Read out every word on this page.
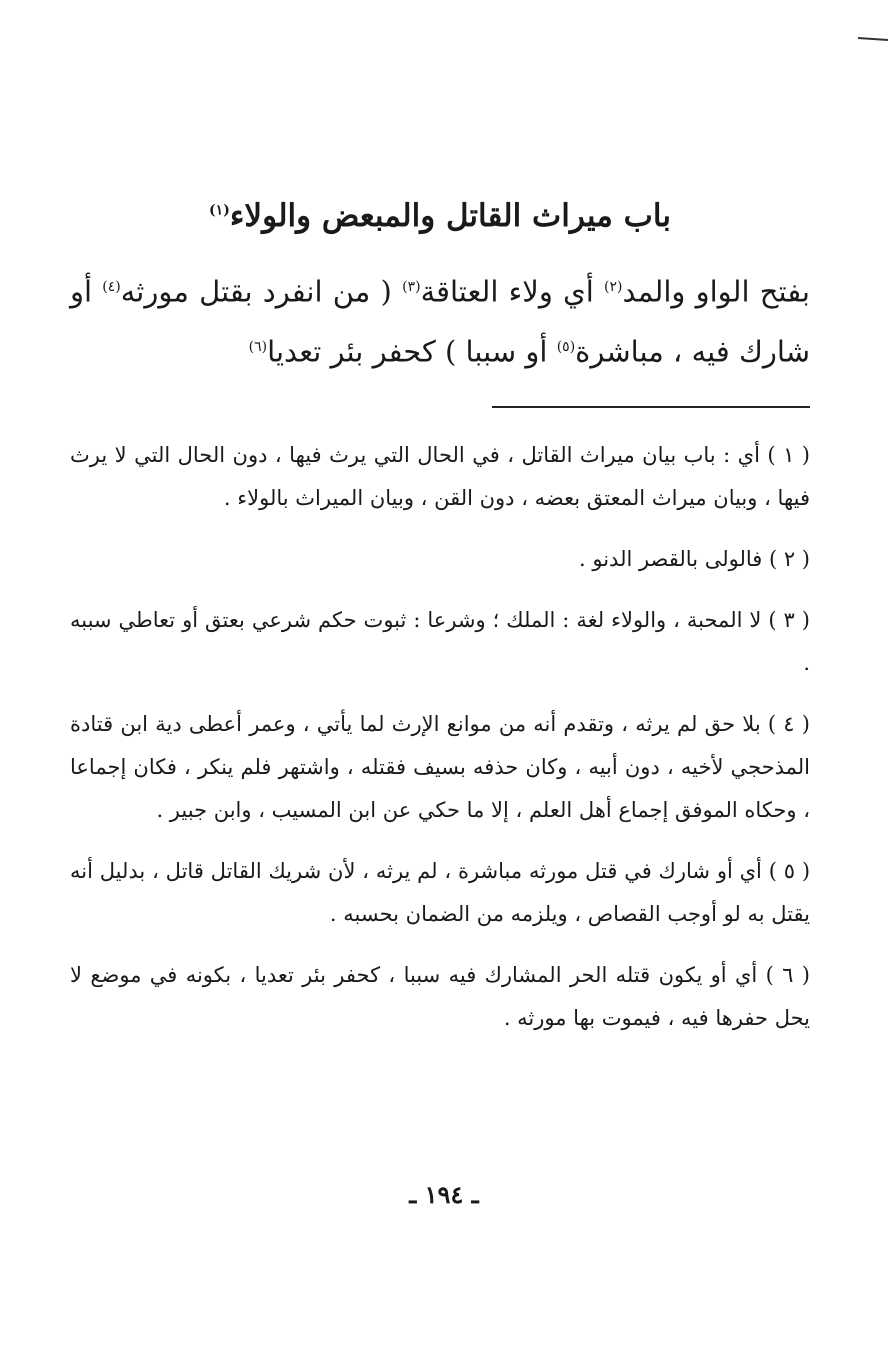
باب ميراث القاتل والمبعض والولاء$^{(١)}$

بفتح الواو والمد$^{(٢)}$ أي ولاء العتاقة$^{(٣)}$ ( من انفرد بقتل مورثه$^{(٤)}$ أو شارك فيه ، مباشرة$^{(٥)}$ أو سببا ) كحفر بئر تعديا$^{(٦)}$

( ١ ) أي : باب بيان ميراث القاتل ، في الحال التي يرث فيها ، دون الحال التي لا يرث فيها ، وبيان ميراث المعتق بعضه ، دون القن ، وبيان الميراث بالولاء .

( ٢ ) فالولى بالقصر الدنو .

( ٣ ) لا المحبة ، والولاء لغة : الملك ؛ وشرعا : ثبوت حكم شرعي بعتق أو تعاطي سببه .

( ٤ ) بلا حق لم يرثه ، وتقدم أنه من موانع الإرث لما يأتي ، وعمر أعطى دية ابن قتادة المذحجي لأخيه ، دون أبيه ، وكان حذفه بسيف فقتله ، واشتهر فلم ينكر ، فكان إجماعا ، وحكاه الموفق إجماع أهل العلم ، إلا ما حكي عن ابن المسيب ، وابن جبير .

( ٥ ) أي أو شارك في قتل مورثه مباشرة ، لم يرثه ، لأن شريك القاتل قاتل ، بدليل أنه يقتل به لو أوجب القصاص ، ويلزمه من الضمان بحسبه .

( ٦ ) أي أو يكون قتله الحر المشارك فيه سببا ، كحفر بئر تعديا ، بكونه في موضع لا يحل حفرها فيه ، فيموت بها مورثه .

ـ ١٩٤ ـ
